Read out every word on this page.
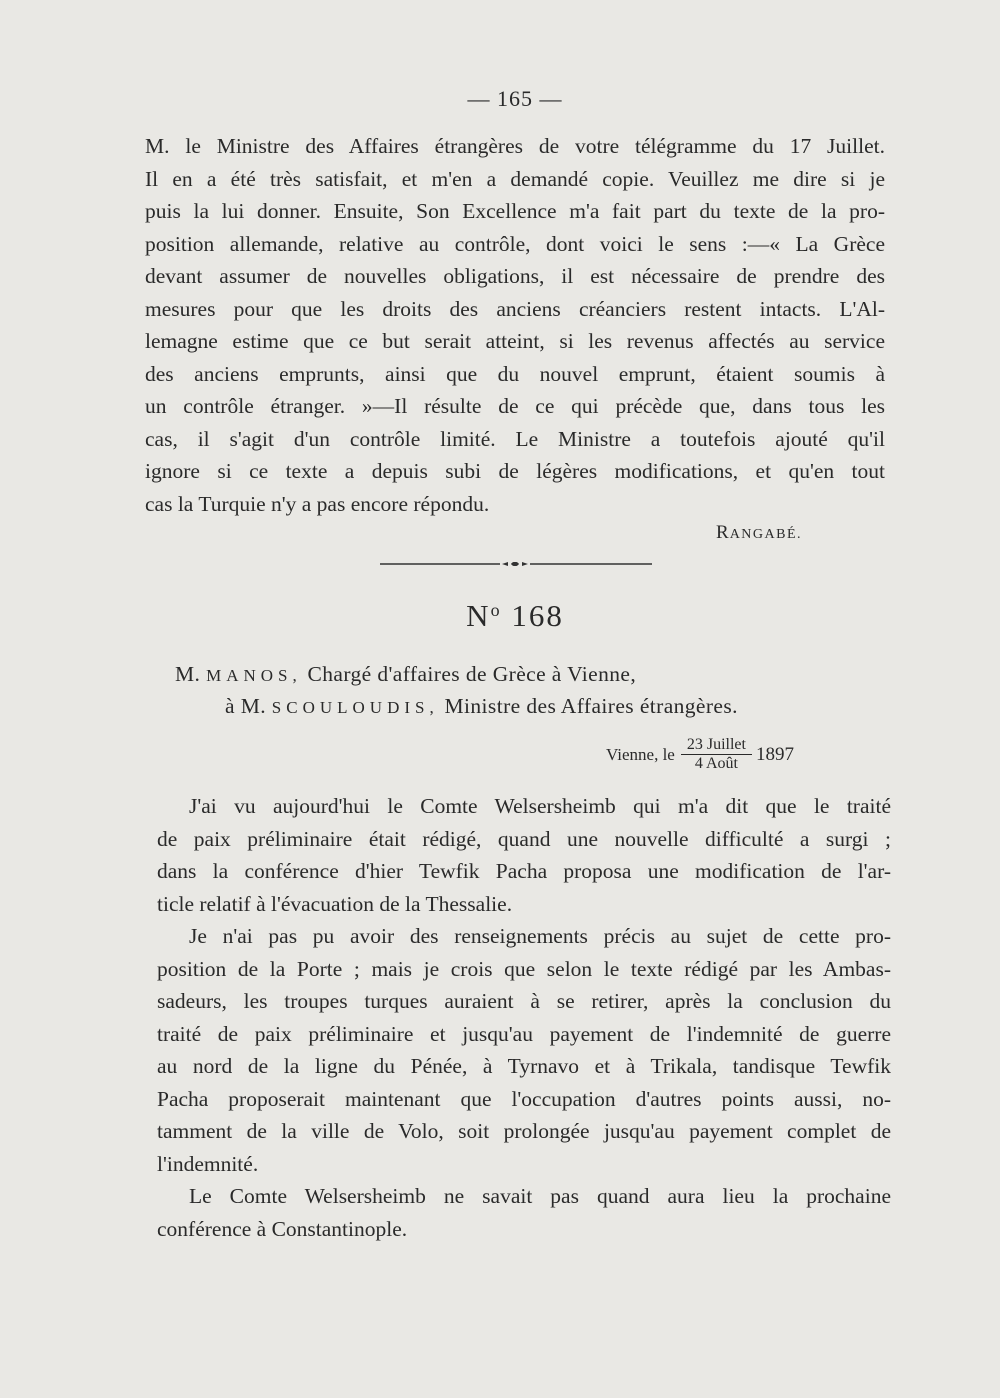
— 165 —
M. le Ministre des Affaires étrangères de votre télégramme du 17 Juillet.
Il en a été très satisfait, et m'en a demandé copie. Veuillez me dire si je
puis la lui donner. Ensuite, Son Excellence m'a fait part du texte de la pro-
position allemande, relative au contrôle, dont voici le sens :—« La Grèce
devant assumer de nouvelles obligations, il est nécessaire de prendre des
mesures pour que les droits des anciens créanciers restent intacts. L'Al-
lemagne estime que ce but serait atteint, si les revenus affectés au service
des anciens emprunts, ainsi que du nouvel emprunt, étaient soumis à
un contrôle étranger. »—Il résulte de ce qui précède que, dans tous les
cas, il s'agit d'un contrôle limité. Le Ministre a toutefois ajouté qu'il
ignore si ce texte a depuis subi de légères modifications, et qu'en tout
cas la Turquie n'y a pas encore répondu.
RANGABÉ.
$N^o$ 168
M. MANOS, Chargé d'affaires de Grèce à Vienne,
à M. SCOULOUDIS, Ministre des Affaires étrangères.
Vienne, le $\frac{\text{23 Juillet}}{\text{4 Août}} 1897$
J'ai vu aujourd'hui le Comte Welsersheimb qui m'a dit que le traité
de paix préliminaire était rédigé, quand une nouvelle difficulté a surgi ;
dans la conférence d'hier Tewfik Pacha proposa une modification de l'ar-
ticle relatif à l'évacuation de la Thessalie.
Je n'ai pas pu avoir des renseignements précis au sujet de cette pro-
position de la Porte ; mais je crois que selon le texte rédigé par les Ambas-
sadeurs, les troupes turques auraient à se retirer, après la conclusion du
traité de paix préliminaire et jusqu'au payement de l'indemnité de guerre
au nord de la ligne du Pénée, à Tyrnavo et à Trikala, tandisque Tewfik
Pacha proposerait maintenant que l'occupation d'autres points aussi, no-
tamment de la ville de Volo, soit prolongée jusqu'au payement complet de
l'indemnité.
Le Comte Welsersheimb ne savait pas quand aura lieu la prochaine
conférence à Constantinople.
